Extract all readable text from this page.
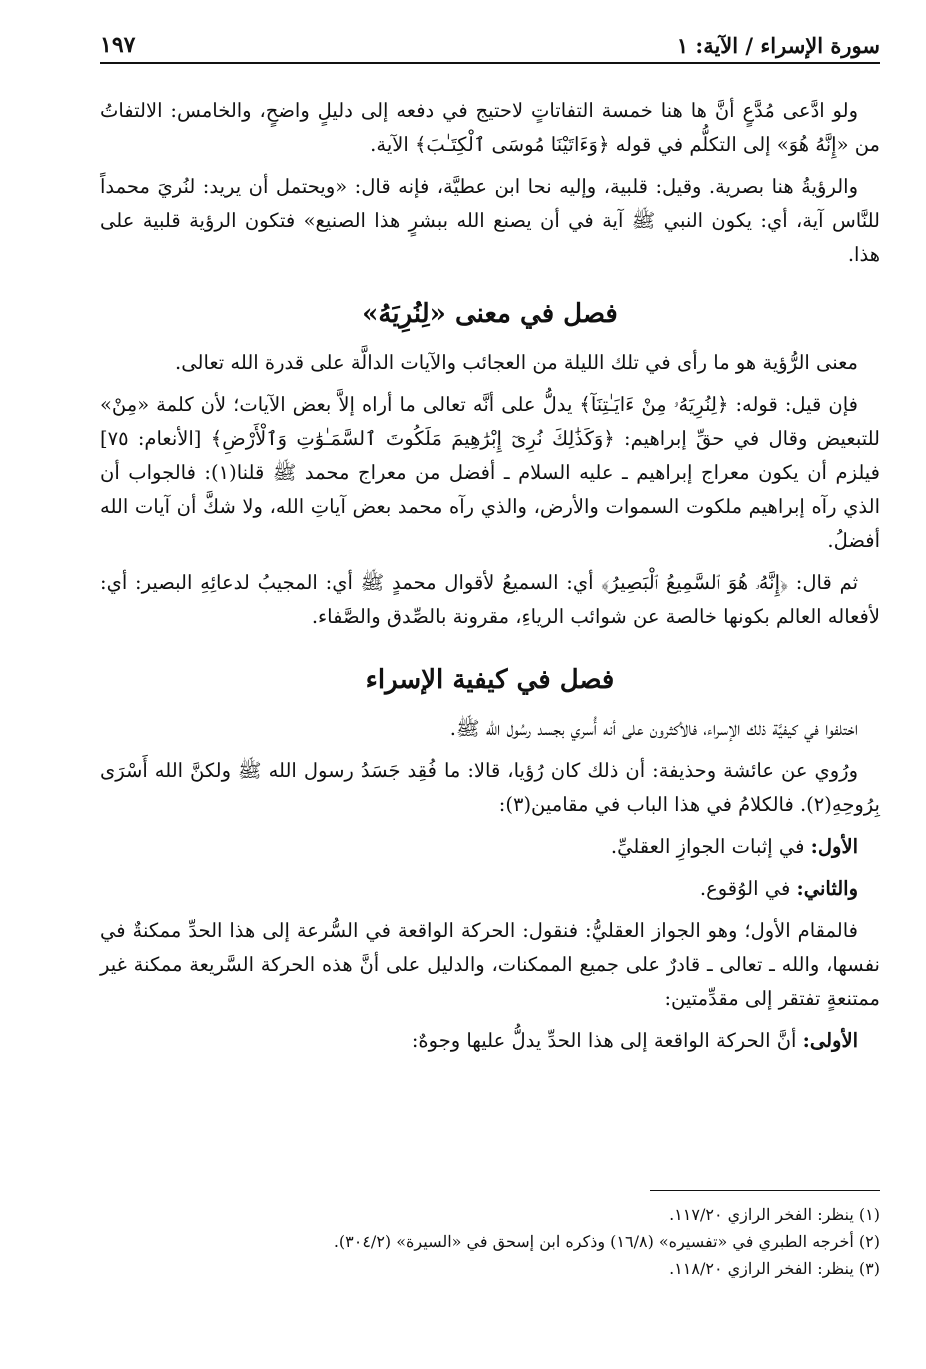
سورة الإسراء / الآية: ١
١٩٧

ولو ادَّعى مُدَّعٍ أنَّ ها هنا خمسة التفاتاتٍ لاحتيج في دفعه إلى دليلٍ واضحٍ، والخامس: الالتفاتُ من «إِنَّهُ هُوَ» إلى التكلُّم في قوله ﴿وَءَاتَيْنَا مُوسَى ٱلْكِتَـٰبَ﴾ الآية.

والرؤيةُ هنا بصرية. وقيل: قلبية، وإليه نحا ابن عطيَّة، فإنه قال: «ويحتمل أن يريد: لنُريَ محمداً للنَّاس آية، أي: يكون النبي ﷺ آية في أن يصنع الله ببشرٍ هذا الصنيع» فتكون الرؤية قلبية على هذا.

فصل في معنى «لِنُرِيَهُ»

معنى الرُّؤية هو ما رأى في تلك الليلة من العجائب والآيات الدالَّة على قدرة الله تعالى.

فإن قيل: قوله: ﴿لِنُرِيَهُۥ مِنْ ءَايَـٰتِنَآ﴾ يدلُّ على أنَّه تعالى ما أراه إلاَّ بعض الآيات؛ لأن كلمة «مِنْ» للتبعيض وقال في حقِّ إبراهيم: ﴿وَكَذَٰلِكَ نُرِىٓ إِبْرَٰهِيمَ مَلَكُوتَ ٱلسَّمَـٰوَٰتِ وَٱلْأَرْضِ﴾ [الأنعام: ٧٥] فيلزم أن يكون معراج إبراهيم ـ عليه السلام ـ أفضل من معراج محمد ﷺ قلنا(١): فالجواب أن الذي رآه إبراهيم ملكوت السموات والأرض، والذي رآه محمد بعض آياتِ الله، ولا شكَّ أن آيات الله أفضلُ.

ثم قال: ﴿إِنَّهُۥ هُوَ ٱلسَّمِيعُ ٱلْبَصِيرُ﴾ أي: السميعُ لأقوال محمدٍ ﷺ أي: المجيبُ لدعائِهِ البصير: أي: لأفعاله العالم بكونها خالصة عن شوائب الرياءِ، مقرونة بالصِّدق والصَّفاء.

فصل في كيفية الإسراء

اختلفوا في كيفيَّة ذلك الإسراء، فالأكثرون على أنه أُسري بجسد رسُول الله ﷺ.

ورُوي عن عائشة وحذيفة: أن ذلك كان رُؤيا، قالا: ما فُقِد جَسَدُ رسول الله ﷺ ولكنَّ الله أَسْرَى بِرُوحِهِ(٢). فالكلامُ في هذا الباب في مقامين(٣):

الأول: في إثبات الجوازِ العقليِّ.

والثاني: في الوُقوع.

فالمقام الأول؛ وهو الجواز العقليُّ: فنقول: الحركة الواقعة في السُّرعة إلى هذا الحدِّ ممكنةٌ في نفسها، والله ـ تعالى ـ قادرٌ على جميع الممكنات، والدليل على أنَّ هذه الحركة السَّريعة ممكنة غير ممتنعةٍ تفتقر إلى مقدِّمتين:

الأولى: أنَّ الحركة الواقعة إلى هذا الحدِّ يدلُّ عليها وجوهٌ:

(١) ينظر: الفخر الرازي ١١٧/٢٠.

(٢) أخرجه الطبري في «تفسيره» (١٦/٨) وذكره ابن إسحق في «السيرة» (٣٠٤/٢).

(٣) ينظر: الفخر الرازي ١١٨/٢٠.
